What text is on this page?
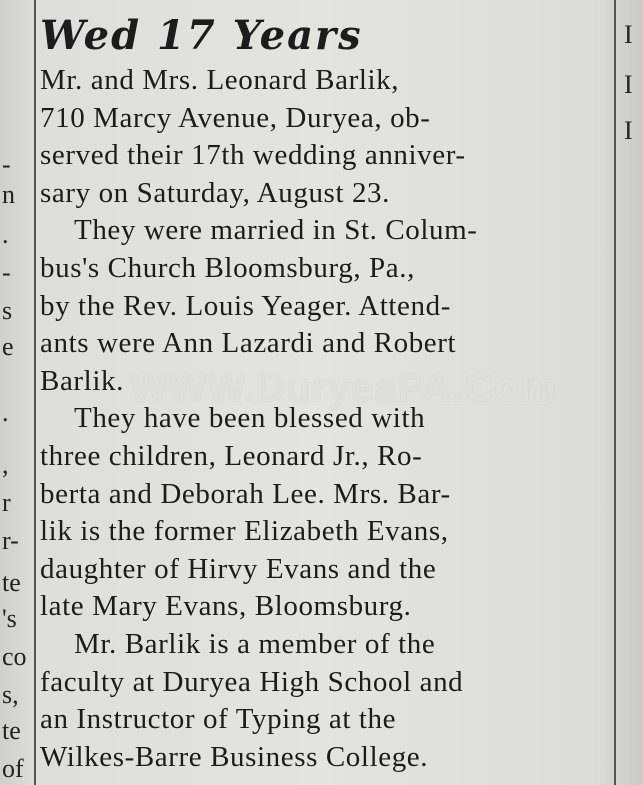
-
n
.
-
s
e
.
,
r
r-
te
's
co
s,
te
of
Wed 17 Years
Mr. and Mrs. Leonard Barlik,
710 Marcy Avenue, Duryea, ob-
served their 17th wedding anniver-
sary on Saturday, August 23.
They were married in St. Colum-
bus's Church Bloomsburg, Pa.,
by the Rev. Louis Yeager. Attend-
ants were Ann Lazardi and Robert
Barlik.
They have been blessed with
three children, Leonard Jr., Ro-
berta and Deborah Lee. Mrs. Bar-
lik is the former Elizabeth Evans,
daughter of Hirvy Evans and the
late Mary Evans, Bloomsburg.
Mr. Barlik is a member of the
faculty at Duryea High School and
an Instructor of Typing at the
Wilkes-Barre Business College.
WWW.DuryeaPA.Com
I
I
I
